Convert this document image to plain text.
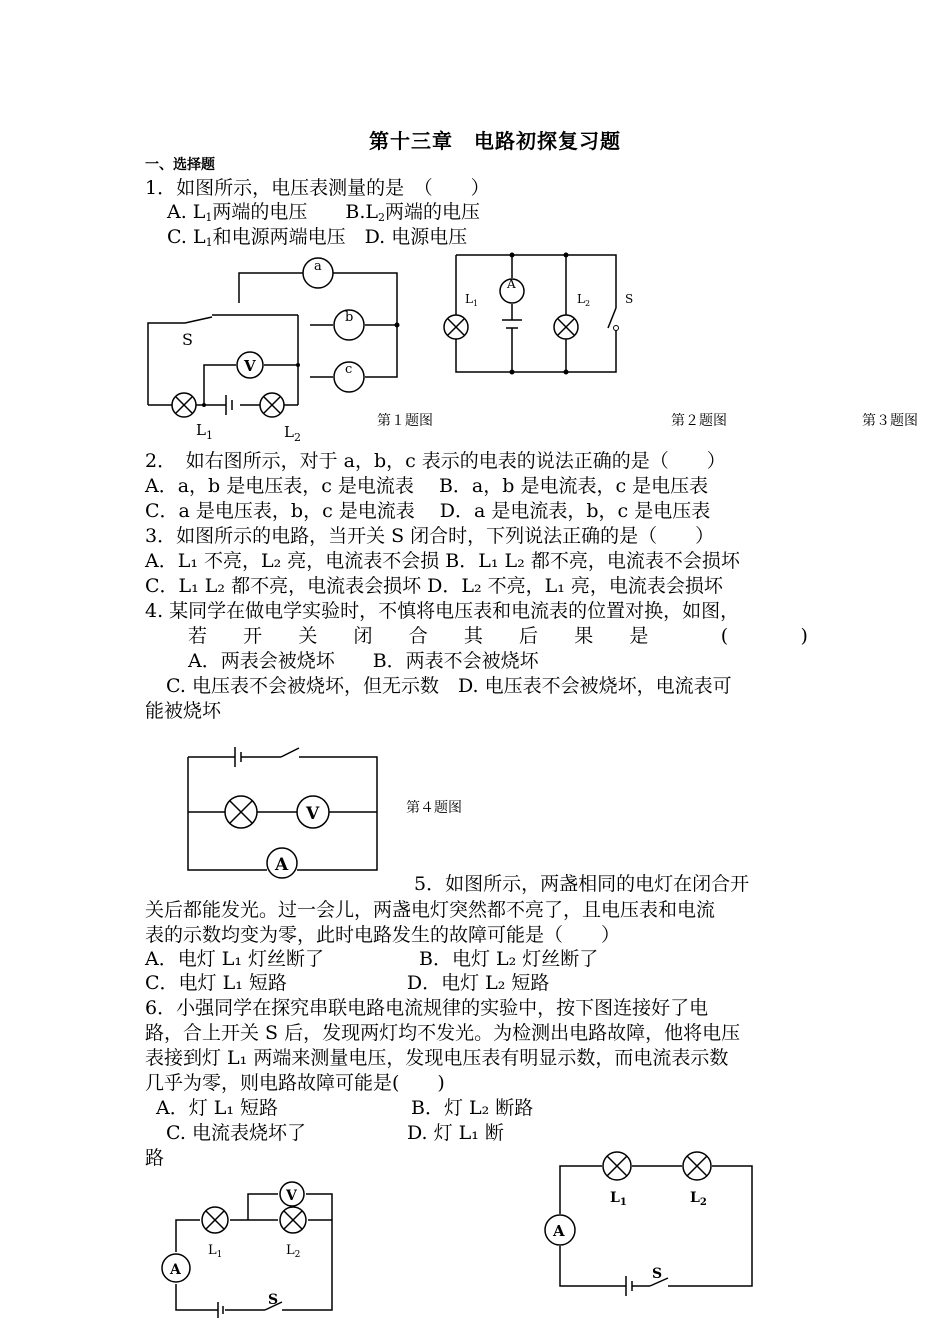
第十三章　电路初探复习题
一、选择题
1．如图所示，电压表测量的是　（　　）
A. $L_1$两端的电压　　$B.L_2$两端的电压
C. $L_1$和电源两端电压　D. 电源电压
S
V
$L_1$	$L_2$
a
b
c
$L_1$
A
$L_2$	S
第１题图	第２题图	第３题图
2．　如右图所示，对于 a，b，c 表示的电表的说法正确的是（　　）
A．a，b 是电压表，c 是电流表　 B．a，b 是电流表，c 是电压表
C．a 是电压表，b，c 是电流表　 D．a 是电流表，b，c 是电压表
3．如图所示的电路，当开关 S 闭合时，下列说法正确的是（　　）
A．L₁ 不亮，L₂ 亮，电流表不会损 B．L₁ L₂ 都不亮，电流表不会损坏
C．L₁ L₂ 都不亮，电流表会损坏 D．L₂ 不亮，L₁ 亮，电流表会损坏
4. 某同学在做电学实验时，不慎将电压表和电流表的位置对换，如图，
若 开 关 闭 合 其 后 果 是	(	)
A．两表会被烧坏　　B．两表不会被烧坏
C. 电压表不会被烧坏，但无示数　D. 电压表不会被烧坏，电流表可
能被烧坏
V
A
第４题图
5．如图所示，两盏相同的电灯在闭合开
关后都能发光。过一会儿，两盏电灯突然都不亮了，且电压表和电流
表的示数均变为零，此时电路发生的故障可能是（　　）
A．电灯 L₁ 灯丝断了　　　　　B．电灯 L₂ 灯丝断了
C．电灯 L₁ 短路　　　　　　 D．电灯 L₂ 短路
6．小强同学在探究串联电路电流规律的实验中，按下图连接好了电
路，合上开关 S 后，发现两灯均不发光。为检测出电路故障，他将电压
表接到灯 L₁ 两端来测量电压，发现电压表有明显示数，而电流表示数
几乎为零，则电路故障可能是(　　)
A．灯 L₁ 短路　　　　　　　B．灯 L₂ 断路
C. 电流表烧坏了　　　　　 D. 灯 L₁ 断
路
V
A
$L_1$	$L_2$
S
A
$L_1$	$L_2$
S
